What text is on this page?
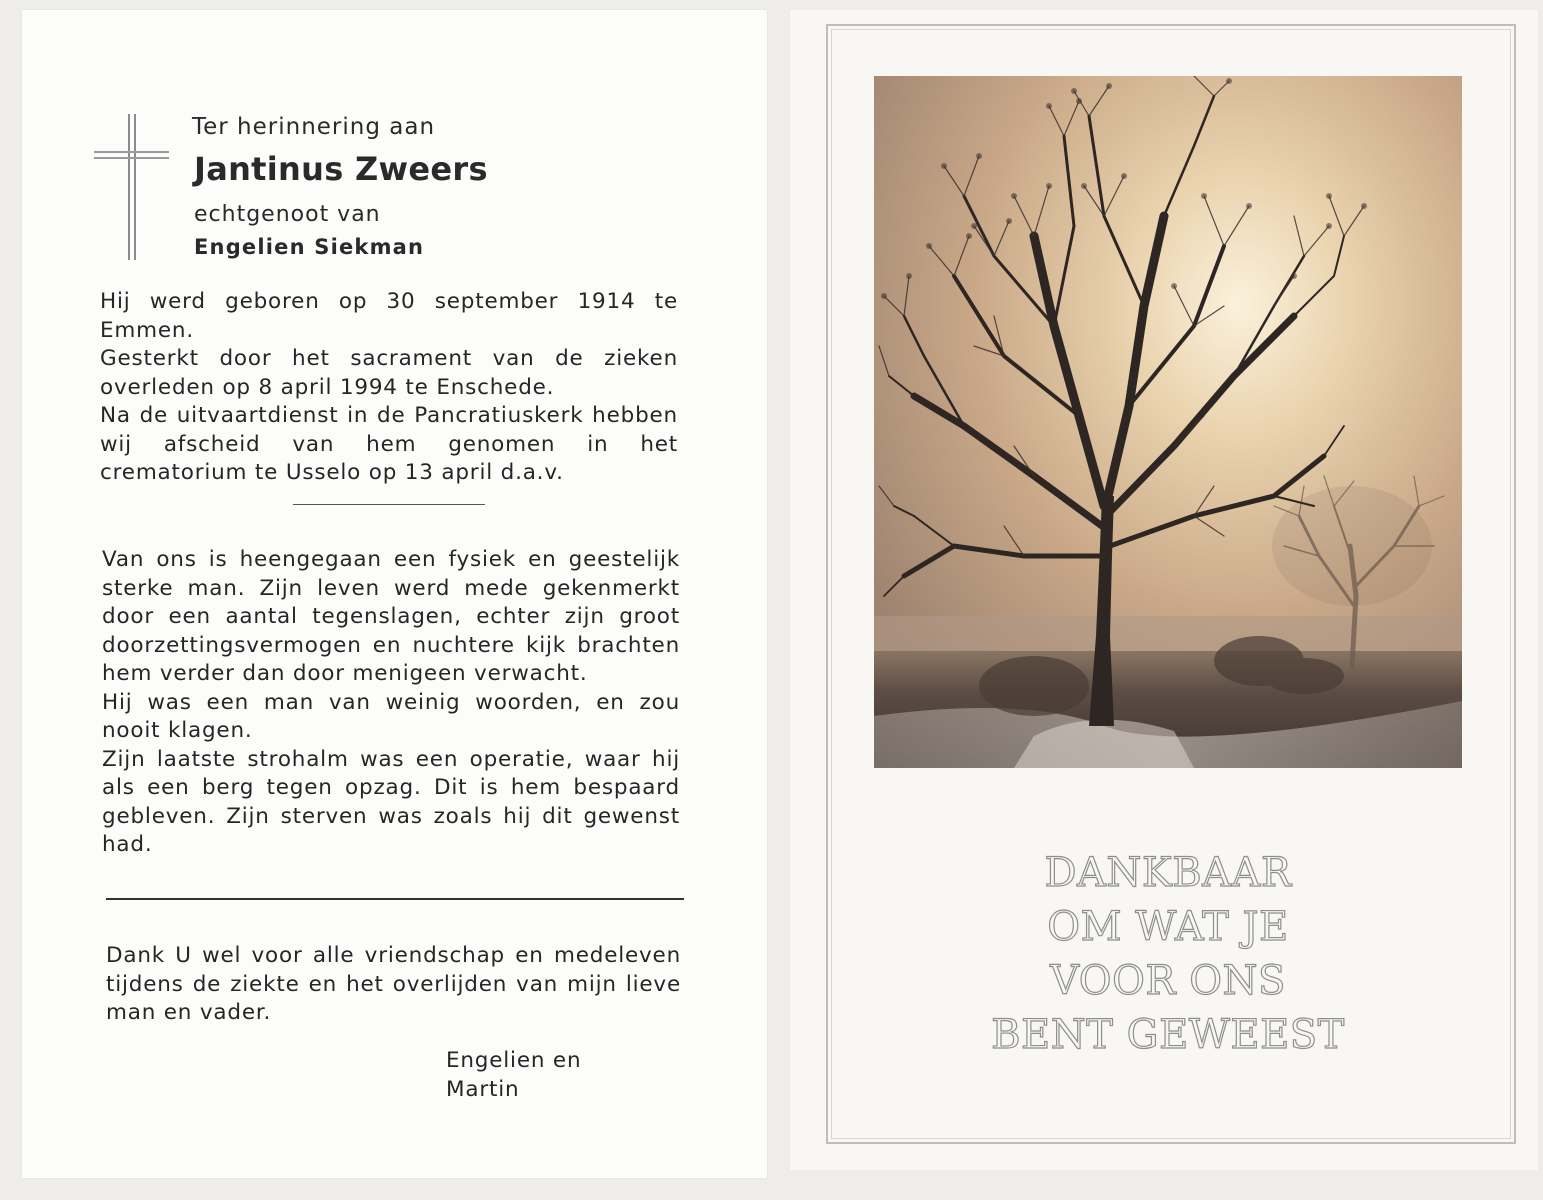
Ter herinnering aan

Jantinus Zweers

echtgenoot van

Engelien Siekman

Hij werd geboren op 30 september 1914 te Emmen.

Gesterkt door het sacrament van de zieken overleden op 8 april 1994 te Enschede.

Na de uitvaartdienst in de Pancratiuskerk hebben wij afscheid van hem genomen in het crematorium te Usselo op 13 april d.a.v.

Van ons is heengegaan een fysiek en geestelijk sterke man. Zijn leven werd mede gekenmerkt door een aantal tegenslagen, echter zijn groot doorzettingsvermogen en nuchtere kijk brachten hem verder dan door menigeen verwacht.

Hij was een man van weinig woorden, en zou nooit klagen.

Zijn laatste strohalm was een operatie, waar hij als een berg tegen opzag. Dit is hem bespaard gebleven. Zijn sterven was zoals hij dit gewenst had.

Dank U wel voor alle vriendschap en medeleven tijdens de ziekte en het overlijden van mijn lieve man en vader.

Engelien en
Martin
DANKBAAR
OM WAT JE
VOOR ONS
BENT GEWEEST
